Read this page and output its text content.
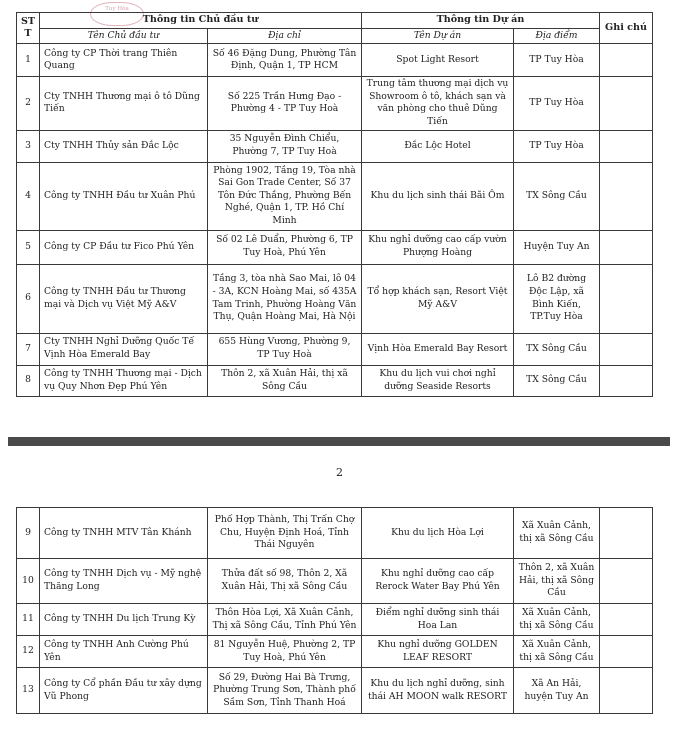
Tuy Hòa
ST
T	Thông tin Chủ đầu tư		Thông tin Dự án		Ghi chú
	Tên Chủ đầu tư	Địa chỉ	Tên Dự án	Địa điểm	
1	Công ty CP Thời trang Thiên Quang	Số 46 Đặng Dung, Phường Tân Định, Quận 1, TP HCM	Spot Light Resort	TP Tuy Hòa	
2	Cty TNHH Thương mại ô tô Dũng Tiến	Số 225 Trần Hưng Đạo - Phường 4 - TP Tuy Hoà	Trung tâm thương mại dịch vụ Showroom ô tô, khách sạn và văn phòng cho thuê Dũng Tiến	TP Tuy Hòa	
3	Cty TNHH Thủy sản Đắc Lộc	35 Nguyễn Đình Chiểu, Phường 7, TP Tuy Hoà	Đắc Lộc Hotel	TP Tuy Hòa	
4	Công ty TNHH Đầu tư Xuân Phú	Phòng 1902, Tầng 19, Tòa nhà Sai Gon Trade Center, Số 37 Tôn Đức Thắng, Phường Bến Nghé, Quận 1, TP. Hồ Chí Minh	Khu du lịch sinh thái Bãi Ôm	TX Sông Cầu	
5	Công ty CP Đầu tư Fico Phú Yên	Số 02 Lê Duẩn, Phường 6, TP Tuy Hoà, Phú Yên	Khu nghỉ dưỡng cao cấp vườn Phượng Hoàng	Huyện Tuy An	
6	Công ty TNHH Đầu tư Thương mại và Dịch vụ Việt Mỹ A&V	Tầng 3, tòa nhà Sao Mai, lô 04 - 3A, KCN Hoàng Mai, số 435A Tam Trinh, Phường Hoàng Văn Thụ, Quận Hoàng Mai, Hà Nội	Tổ hợp khách sạn, Resort Việt Mỹ A&V	Lô B2 đường Độc Lập, xã Bình Kiến, TP.Tuy Hòa	
7	Cty TNHH Nghỉ Dưỡng Quốc Tế Vịnh Hòa Emerald Bay	655 Hùng Vương, Phường 9, TP Tuy Hoà	Vịnh Hòa Emerald Bay Resort	TX Sông Cầu	
8	Công ty TNHH Thương mại - Dịch vụ Quy Nhơn Đẹp Phú Yên	Thôn 2, xã Xuân Hải, thị xã Sông Cầu	Khu du lịch vui chơi nghỉ dưỡng Seaside Resorts	TX Sông Cầu	
2
9	Công ty TNHH MTV Tân Khánh	Phố Hợp Thành, Thị Trấn Chợ Chu, Huyện Định Hoá, Tỉnh Thái Nguyên	Khu du lịch Hòa Lợi	Xã Xuân Cảnh, thị xã Sông Cầu	
10	Công ty TNHH Dịch vụ - Mỹ nghệ Thăng Long	Thửa đất số 98, Thôn 2, Xã Xuân Hải, Thị xã Sông Cầu	Khu nghỉ dưỡng cao cấp Rerock Water Bay Phú Yên	Thôn 2, xã Xuân Hải, thị xã Sông Cầu	
11	Công ty TNHH Du lịch Trung Kỳ	Thôn Hòa Lợi, Xã Xuân Cảnh, Thị xã Sông Cầu, Tỉnh Phú Yên	Điểm nghỉ dưỡng sinh thái Hoa Lan	Xã Xuân Cảnh, thị xã Sông Cầu	
12	Công ty TNHH Anh Cường Phú Yên	81 Nguyễn Huệ, Phường 2, TP Tuy Hoà, Phú Yên	Khu nghỉ dưỡng GOLDEN LEAF RESORT	Xã Xuân Cảnh, thị xã Sông Cầu	
13	Công ty Cổ phần Đầu tư xây dựng Vũ Phong	Số 29, Đường Hai Bà Trưng, Phường Trung Sơn, Thành phố Sầm Sơn, Tỉnh Thanh Hoá	Khu du lịch nghỉ dưỡng, sinh thái AH MOON walk RESORT	Xã An Hải, huyện Tuy An	
